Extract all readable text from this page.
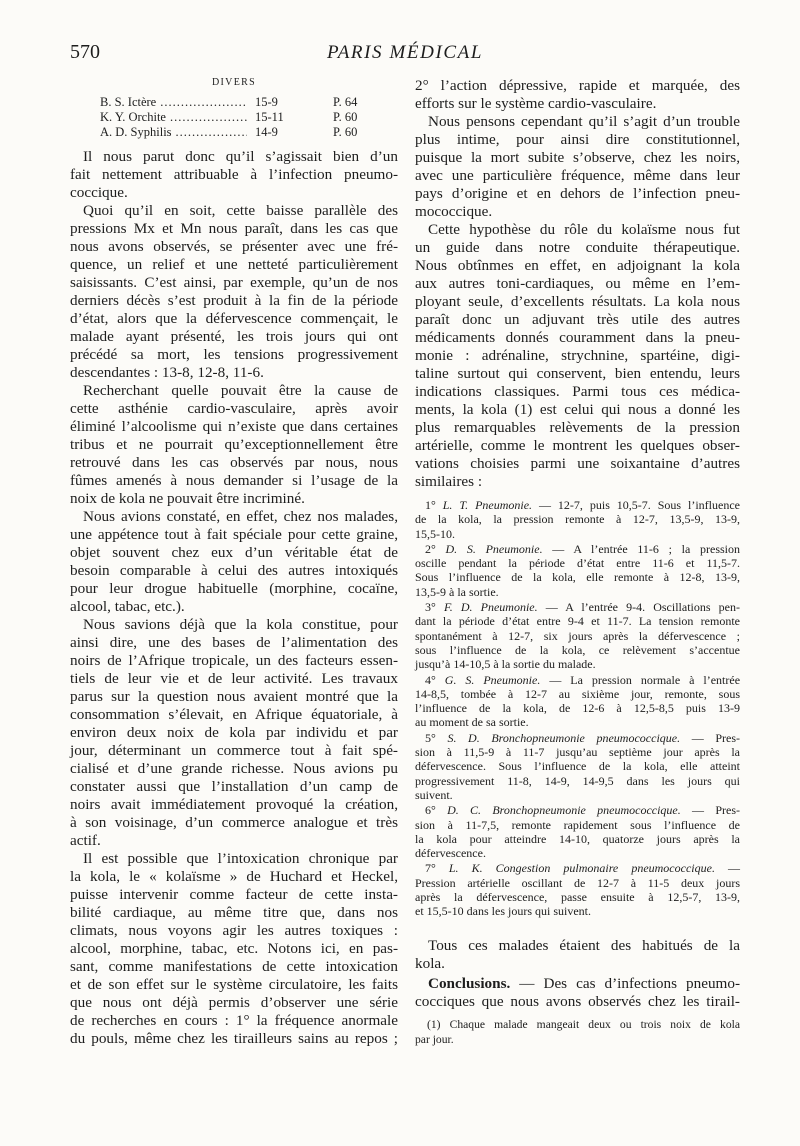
570	PARIS MÉDICAL
DIVERS
B. S. Ictère .....	15-9	P. 64
K. Y. Orchite .....	15-11	P. 60
A. D. Syphilis .....	14-9	P. 60
Il nous parut donc qu’il s’agissait bien d’un
fait nettement attribuable à l’infection pneumo-
coccique.
Quoi qu’il en soit, cette baisse parallèle des
pressions Mx et Mn nous paraît, dans les cas que
nous avons observés, se présenter avec une fré-
quence, un relief et une netteté particulièrement
saisissants. C’est ainsi, par exemple, qu’un de nos
derniers décès s’est produit à la fin de la période
d’état, alors que la défervescence commençait, le
malade ayant présenté, les trois jours qui ont
précédé sa mort, les tensions progressivement
descendantes : 13-8, 12-8, 11-6.
Recherchant quelle pouvait être la cause de
cette asthénie cardio-vasculaire, après avoir
éliminé l’alcoolisme qui n’existe que dans certaines
tribus et ne pourrait qu’exceptionnellement être
retrouvé dans les cas observés par nous, nous
fûmes amenés à nous demander si l’usage de la
noix de kola ne pouvait être incriminé.
Nous avions constaté, en effet, chez nos malades,
une appétence tout à fait spéciale pour cette graine,
objet souvent chez eux d’un véritable état de
besoin comparable à celui des autres intoxiqués
pour leur drogue habituelle (morphine, cocaïne,
alcool, tabac, etc.).
Nous savions déjà que la kola constitue, pour
ainsi dire, une des bases de l’alimentation des
noirs de l’Afrique tropicale, un des facteurs essen-
tiels de leur vie et de leur activité. Les travaux
parus sur la question nous avaient montré que la
consommation s’élevait, en Afrique équatoriale, à
environ deux noix de kola par individu et par
jour, déterminant un commerce tout à fait spé-
cialisé et d’une grande richesse. Nous avions pu
constater aussi que l’installation d’un camp de
noirs avait immédiatement provoqué la création,
à son voisinage, d’un commerce analogue et très
actif.
Il est possible que l’intoxication chronique par
la kola, le « kolaïsme » de Huchard et Heckel,
puisse intervenir comme facteur de cette insta-
bilité cardiaque, au même titre que, dans nos
climats, nous voyons agir les autres toxiques :
alcool, morphine, tabac, etc. Notons ici, en pas-
sant, comme manifestations de cette intoxication
et de son effet sur le système circulatoire, les faits
que nous ont déjà permis d’observer une série
de recherches en cours : 1° la fréquence anormale
du pouls, même chez les tirailleurs sains au repos ;
2° l’action dépressive, rapide et marquée, des
efforts sur le système cardio-vasculaire.
Nous pensons cependant qu’il s’agit d’un trouble
plus intime, pour ainsi dire constitutionnel,
puisque la mort subite s’observe, chez les noirs,
avec une particulière fréquence, même dans leur
pays d’origine et en dehors de l’infection pneu-
mococcique.
Cette hypothèse du rôle du kolaïsme nous fut
un guide dans notre conduite thérapeutique.
Nous obtînmes en effet, en adjoignant la kola
aux autres toni-cardiaques, ou même en l’em-
ployant seule, d’excellents résultats. La kola nous
paraît donc un adjuvant très utile des autres
médicaments donnés couramment dans la pneu-
monie : adrénaline, strychnine, spartéine, digi-
taline surtout qui conservent, bien entendu, leurs
indications classiques. Parmi tous ces médica-
ments, la kola (1) est celui qui nous a donné les
plus remarquables relèvements de la pression
artérielle, comme le montrent les quelques obser-
vations choisies parmi une soixantaine d’autres
similaires :
1° L. T. Pneumonie. — 12-7, puis 10,5-7. Sous l’influence
de la kola, la pression remonte à 12-7, 13,5-9, 13-9,
15,5-10.
2° D. S. Pneumonie. — A l’entrée 11-6 ; la pression
oscille pendant la période d’état entre 11-6 et 11,5-7.
Sous l’influence de la kola, elle remonte à 12-8, 13-9,
13,5-9 à la sortie.
3° F. D. Pneumonie. — A l’entrée 9-4. Oscillations pen-
dant la période d’état entre 9-4 et 11-7. La tension remonte
spontanément à 12-7, six jours après la défervescence ;
sous l’influence de la kola, ce relèvement s’accentue
jusqu’à 14-10,5 à la sortie du malade.
4° G. S. Pneumonie. — La pression normale à l’entrée
14-8,5, tombée à 12-7 au sixième jour, remonte, sous
l’influence de la kola, de 12-6 à 12,5-8,5 puis 13-9
au moment de sa sortie.
5° S. D. Bronchopneumonie pneumococcique. — Pres-
sion à 11,5-9 à 11-7 jusqu’au septième jour après la
défervescence. Sous l’influence de la kola, elle atteint
progressivement 11-8, 14-9, 14-9,5 dans les jours qui
suivent.
6° D. C. Bronchopneumonie pneumococcique. — Pres-
sion à 11-7,5, remonte rapidement sous l’influence de
la kola pour atteindre 14-10, quatorze jours après la
défervescence.
7° L. K. Congestion pulmonaire pneumococcique. —
Pression artérielle oscillant de 12-7 à 11-5 deux jours
après la défervescence, passe ensuite à 12,5-7, 13-9,
et 15,5-10 dans les jours qui suivent.
Tous ces malades étaient des habitués de la
kola.
Conclusions. — Des cas d’infections pneumo-
cocciques que nous avons observés chez les tirail-
(1) Chaque malade mangeait deux ou trois noix de kola
par jour.
